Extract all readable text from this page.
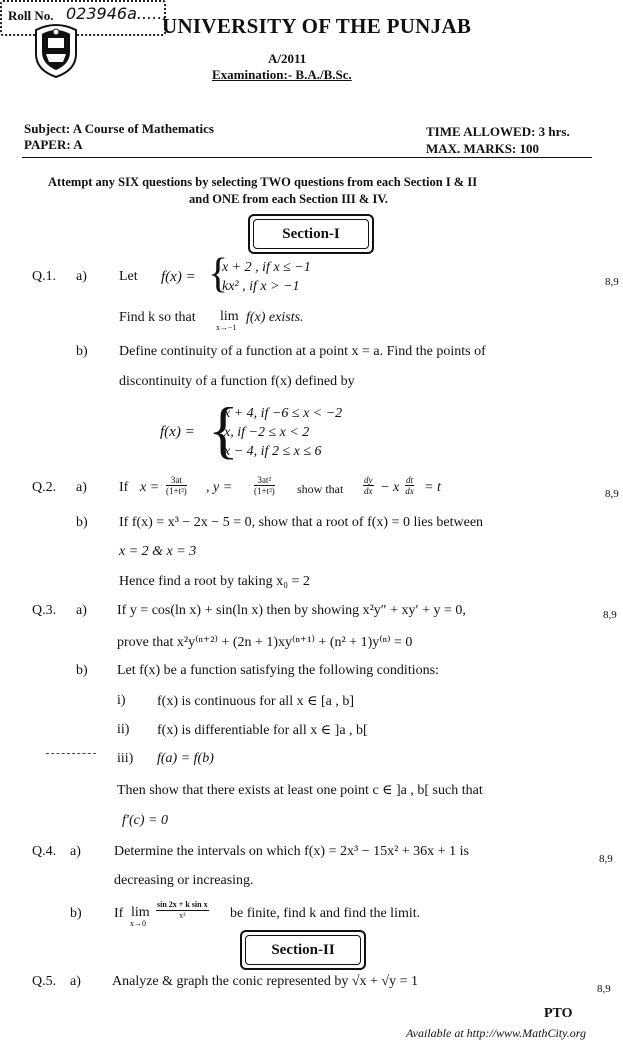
UNIVERSITY OF THE PUNJAB
A/2011
Examination:- B.A./B.Sc.
Roll No. 023946a......
Subject: A Course of Mathematics
PAPER: A
TIME ALLOWED: 3 hrs.
MAX. MARKS: 100
Attempt any SIX questions by selecting TWO questions from each Section I & II
and ONE from each Section III & IV.
Section-I
Q.1. a) Let f(x) = {
x + 2 , if x ≤ −1
kx² , if x > −1	8,9
Find k so that lim
x→−1
f(x) exists.
b) Define continuity of a function at a point x = a. Find the points of
discontinuity of a function f(x) defined by
f(x) = {
x + 4, if −6 ≤ x < −2
x, if −2 ≤ x < 2
x − 4, if 2 ≤ x ≤ 6
Q.2. a) If $x = \frac{3at}{\text{(1+t²)}}$ , $y = \frac{\text{3at²}}{\text{(1+t²)}}$ show that $\frac{dy}{dx} - x \frac{dt}{dx} = t$	8,9
b) If f(x) = x³ − 2x − 5 = 0, show that a root of f(x) = 0 lies between
x = 2 & x = 3
Hence find a root by taking x₀ = 2
Q.3. a) If y = cos(ln x) + sin(ln x) then by showing x²y″ + xy′ + y = 0,	8,9
prove that x²y⁽ⁿ⁺²⁾ + (2n + 1)xy⁽ⁿ⁺¹⁾ + (n² + 1)y⁽ⁿ⁾ = 0
b) Let f(x) be a function satisfying the following conditions:
i) f(x) is continuous for all x ∈ [a , b]
ii) f(x) is differentiable for all x ∈ ]a , b[
iii) f(a) = f(b)
Then show that there exists at least one point c ∈ ]a , b[ such that
f′(c) = 0
Q.4. a) Determine the intervals on which f(x) = 2x³ − 15x² + 36x + 1 is	8,9
decreasing or increasing.
b) If lim
x→0
$\frac{\text{sin 2x + k sin x}}{\text{x³}}$ be finite, find k and find the limit.
Section-II
Q.5. a) Analyze & graph the conic represented by √x + √y = 1	8,9
PTO
Available at http://www.MathCity.org
